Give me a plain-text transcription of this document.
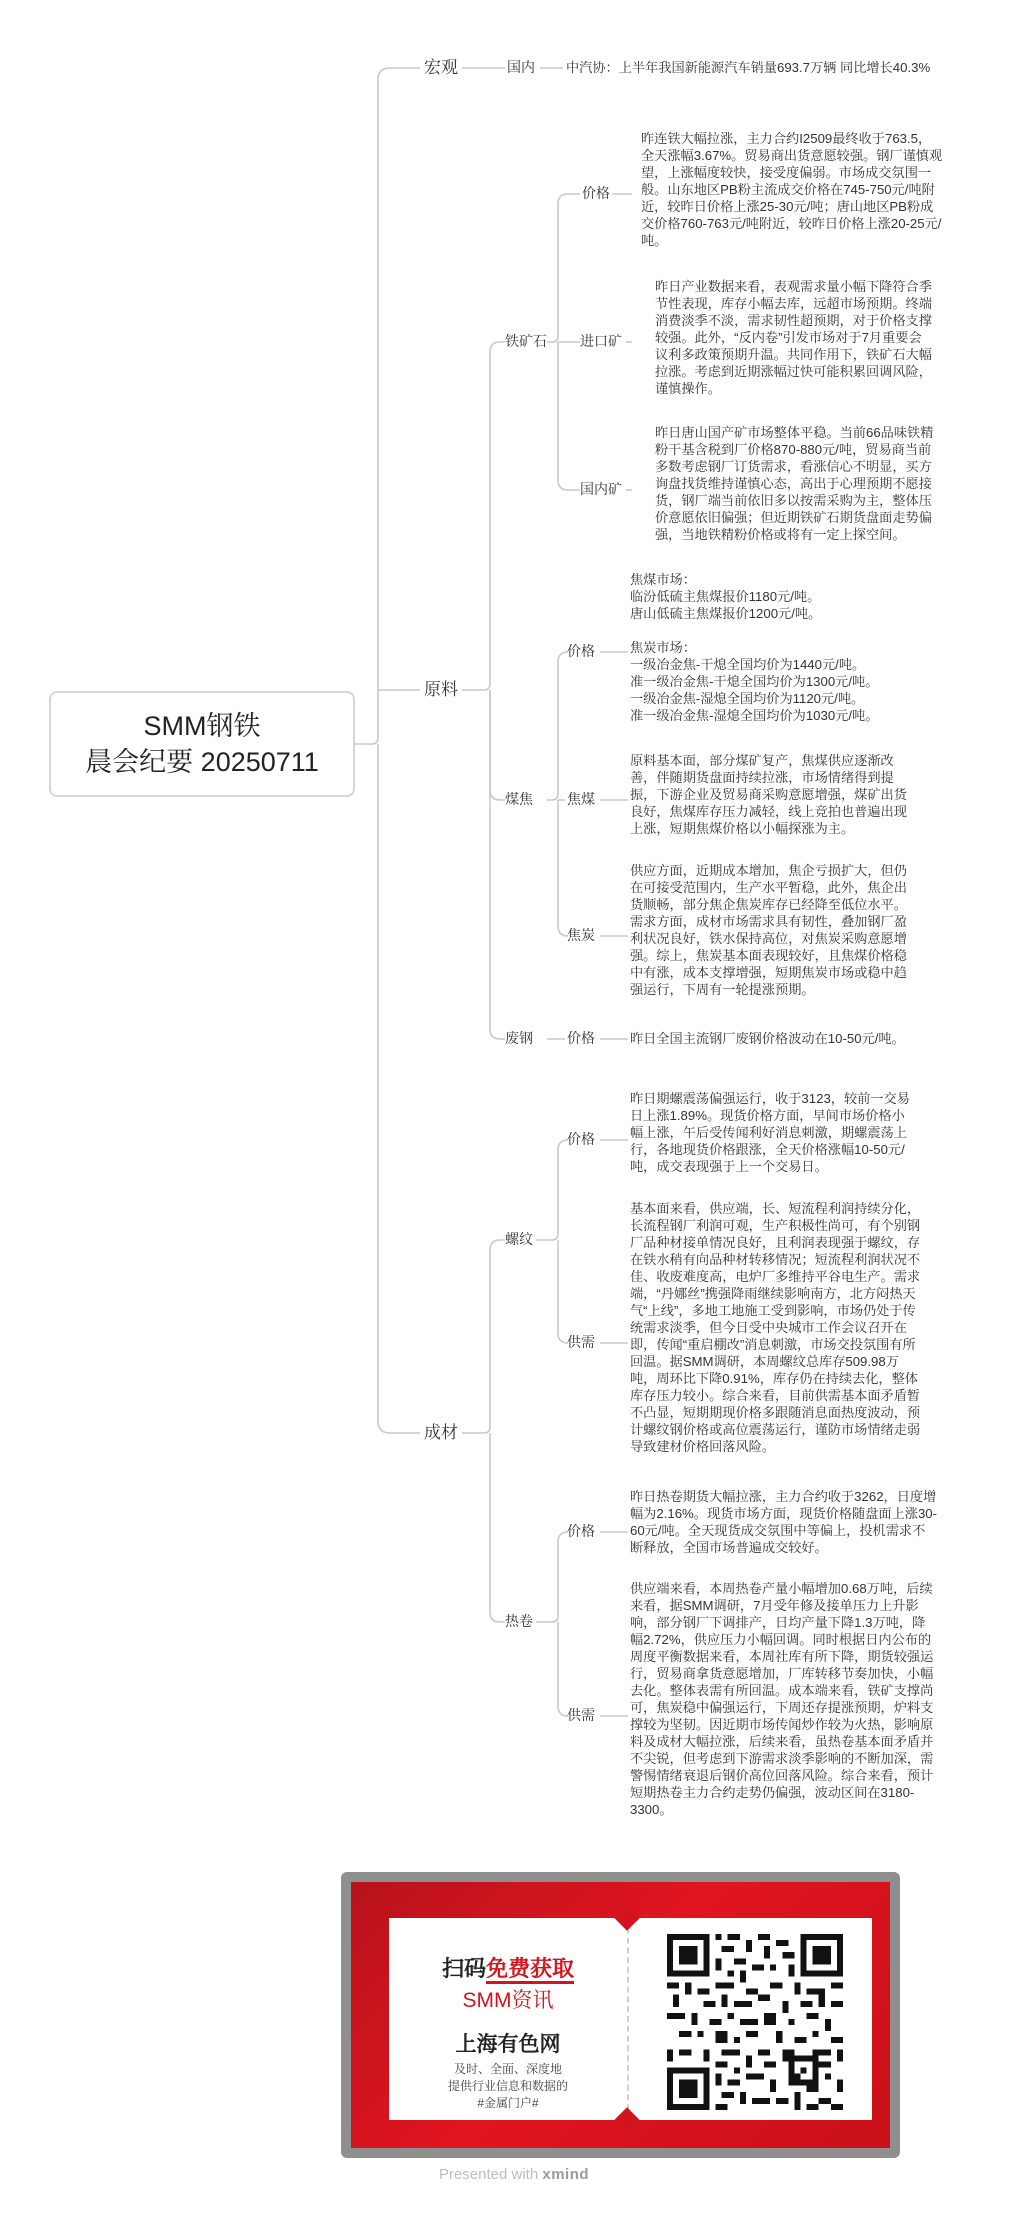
SMM钢铁
晨会纪要 20250711
宏观
原料
成材
国内 中汽协：上半年我国新能源汽车销量693.7万辆 同比增长40.3%
铁矿石
价格
昨连铁大幅拉涨，主力合约I2509最终收于763.5，
全天涨幅3.67%。贸易商出货意愿较强。钢厂谨慎观
望，上涨幅度较快，接受度偏弱。市场成交氛围一
般。山东地区PB粉主流成交价格在745-750元/吨附
近，较昨日价格上涨25-30元/吨；唐山地区PB粉成
交价格760-763元/吨附近，较昨日价格上涨20-25元/
吨。
进口矿
昨日产业数据来看，表观需求量小幅下降符合季
节性表现，库存小幅去库，远超市场预期。终端
消费淡季不淡，需求韧性超预期，对于价格支撑
较强。此外，“反内卷”引发市场对于7月重要会
议利多政策预期升温。共同作用下，铁矿石大幅
拉涨。考虑到近期涨幅过快可能积累回调风险，
谨慎操作。
国内矿
昨日唐山国产矿市场整体平稳。当前66品味铁精
粉干基含税到厂价格870-880元/吨，贸易商当前
多数考虑钢厂订货需求，看涨信心不明显，买方
询盘找货维持谨慎心态，高出于心理预期不愿接
货，钢厂端当前依旧多以按需采购为主，整体压
价意愿依旧偏强；但近期铁矿石期货盘面走势偏
强，当地铁精粉价格或将有一定上探空间。
煤焦
价格
焦煤市场：
临汾低硫主焦煤报价1180元/吨。
唐山低硫主焦煤报价1200元/吨。

焦炭市场：
一级冶金焦-干熄全国均价为1440元/吨。
准一级冶金焦-干熄全国均价为1300元/吨。
一级冶金焦-湿熄全国均价为1120元/吨。
准一级冶金焦-湿熄全国均价为1030元/吨。
焦煤
原料基本面，部分煤矿复产，焦煤供应逐渐改
善，伴随期货盘面持续拉涨，市场情绪得到提
振，下游企业及贸易商采购意愿增强，煤矿出货
良好，焦煤库存压力减轻，线上竞拍也普遍出现
上涨，短期焦煤价格以小幅探涨为主。
焦炭
供应方面，近期成本增加，焦企亏损扩大，但仍
在可接受范围内，生产水平暂稳，此外，焦企出
货顺畅，部分焦企焦炭库存已经降至低位水平。
需求方面，成材市场需求具有韧性，叠加钢厂盈
利状况良好，铁水保持高位，对焦炭采购意愿增
强。综上，焦炭基本面表现较好，且焦煤价格稳
中有涨，成本支撑增强，短期焦炭市场或稳中趋
强运行，下周有一轮提涨预期。
废钢 价格	昨日全国主流钢厂废钢价格波动在10-50元/吨。
螺纹
价格
昨日期螺震荡偏强运行，收于3123，较前一交易
日上涨1.89%。现货价格方面，早间市场价格小
幅上涨，午后受传闻利好消息刺激，期螺震荡上
行，各地现货价格跟涨，全天价格涨幅10-50元/
吨，成交表现强于上一个交易日。
供需
基本面来看，供应端，长、短流程利润持续分化，
长流程钢厂利润可观，生产积极性尚可，有个别钢
厂品种材接单情况良好，且利润表现强于螺纹，存
在铁水稍有向品种材转移情况；短流程利润状况不
佳、收废难度高，电炉厂多维持平谷电生产。需求
端，“丹娜丝”携强降雨继续影响南方，北方闷热天
气“上线”，多地工地施工受到影响，市场仍处于传
统需求淡季，但今日受中央城市工作会议召开在
即，传闻“重启棚改”消息刺激，市场交投氛围有所
回温。据SMM调研，本周螺纹总库存509.98万
吨，周环比下降0.91%，库存仍在持续去化，整体
库存压力较小。综合来看，目前供需基本面矛盾暂
不凸显，短期期现价格多跟随消息面热度波动，预
计螺纹钢价格或高位震荡运行，谨防市场情绪走弱
导致建材价格回落风险。
热卷
价格
昨日热卷期货大幅拉涨，主力合约收于3262，日度增
幅为2.16%。现货市场方面，现货价格随盘面上涨30-
60元/吨。全天现货成交氛围中等偏上，投机需求不
断释放，全国市场普遍成交较好。
供需
供应端来看，本周热卷产量小幅增加0.68万吨，后续
来看，据SMM调研，7月受年修及接单压力上升影
响，部分钢厂下调排产，日均产量下降1.3万吨，降
幅2.72%，供应压力小幅回调。同时根据日内公布的
周度平衡数据来看，本周社库有所下降，期货较强运
行，贸易商拿货意愿增加，厂库转移节奏加快，小幅
去化。整体表需有所回温。成本端来看，铁矿支撑尚
可，焦炭稳中偏强运行，下周还存提涨预期，炉料支
撑较为坚韧。因近期市场传闻炒作较为火热，影响原
料及成材大幅拉涨，后续来看，虽热卷基本面矛盾并
不尖锐，但考虑到下游需求淡季影响的不断加深，需
警惕情绪衰退后钢价高位回落风险。综合来看，预计
短期热卷主力合约走势仍偏强，波动区间在3180-
3300。
扫码免费获取
SMM资讯
上海有色网
及时、全面、深度地
提供行业信息和数据的
#金属门户#
Presented with xmind
